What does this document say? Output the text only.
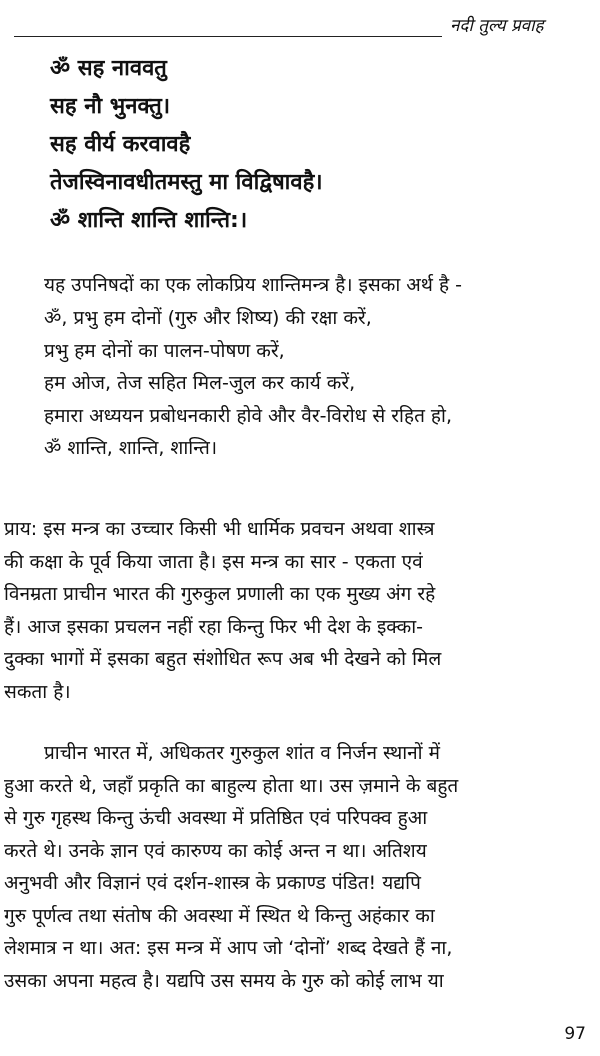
नदी तुल्य प्रवाह
ॐ सह नाववतु
सह नौ भुनक्तु।
सह वीर्य करवावहै
तेजस्विनावधीतमस्तु मा विद्विषावहै।
ॐ शान्ति शान्ति शान्ति:।
यह उपनिषदों का एक लोकप्रिय शान्तिमन्त्र है। इसका अर्थ है -
ॐ, प्रभु हम दोनों (गुरु और शिष्य) की रक्षा करें,
प्रभु हम दोनों का पालन-पोषण करें,
हम ओज, तेज सहित मिल-जुल कर कार्य करें,
हमारा अध्ययन प्रबोधनकारी होवे और वैर-विरोध से रहित हो,
ॐ शान्ति, शान्ति, शान्ति।
प्राय: इस मन्त्र का उच्चार किसी भी धार्मिक प्रवचन अथवा शास्त्र
की कक्षा के पूर्व किया जाता है। इस मन्त्र का सार - एकता एवं
विनम्रता प्राचीन भारत की गुरुकुल प्रणाली का एक मुख्य अंग रहे
हैं। आज इसका प्रचलन नहीं रहा किन्तु फिर भी देश के इक्का-
दुक्का भागों में इसका बहुत संशोधित रूप अब भी देखने को मिल
सकता है।
प्राचीन भारत में, अधिकतर गुरुकुल शांत व निर्जन स्थानों में
हुआ करते थे, जहाँ प्रकृति का बाहुल्य होता था। उस ज़माने के बहुत
से गुरु गृहस्थ किन्तु ऊंची अवस्था में प्रतिष्ठित एवं परिपक्व हुआ
करते थे। उनके ज्ञान एवं कारुण्य का कोई अन्त न था। अतिशय
अनुभवी और विज्ञानं एवं दर्शन-शास्त्र के प्रकाण्ड पंडित! यद्यपि
गुरु पूर्णत्व तथा संतोष की अवस्था में स्थित थे किन्तु अहंकार का
लेशमात्र न था। अत: इस मन्त्र में आप जो ‘दोनों’ शब्द देखते हैं ना,
उसका अपना महत्व है। यद्यपि उस समय के गुरु को कोई लाभ या
97
